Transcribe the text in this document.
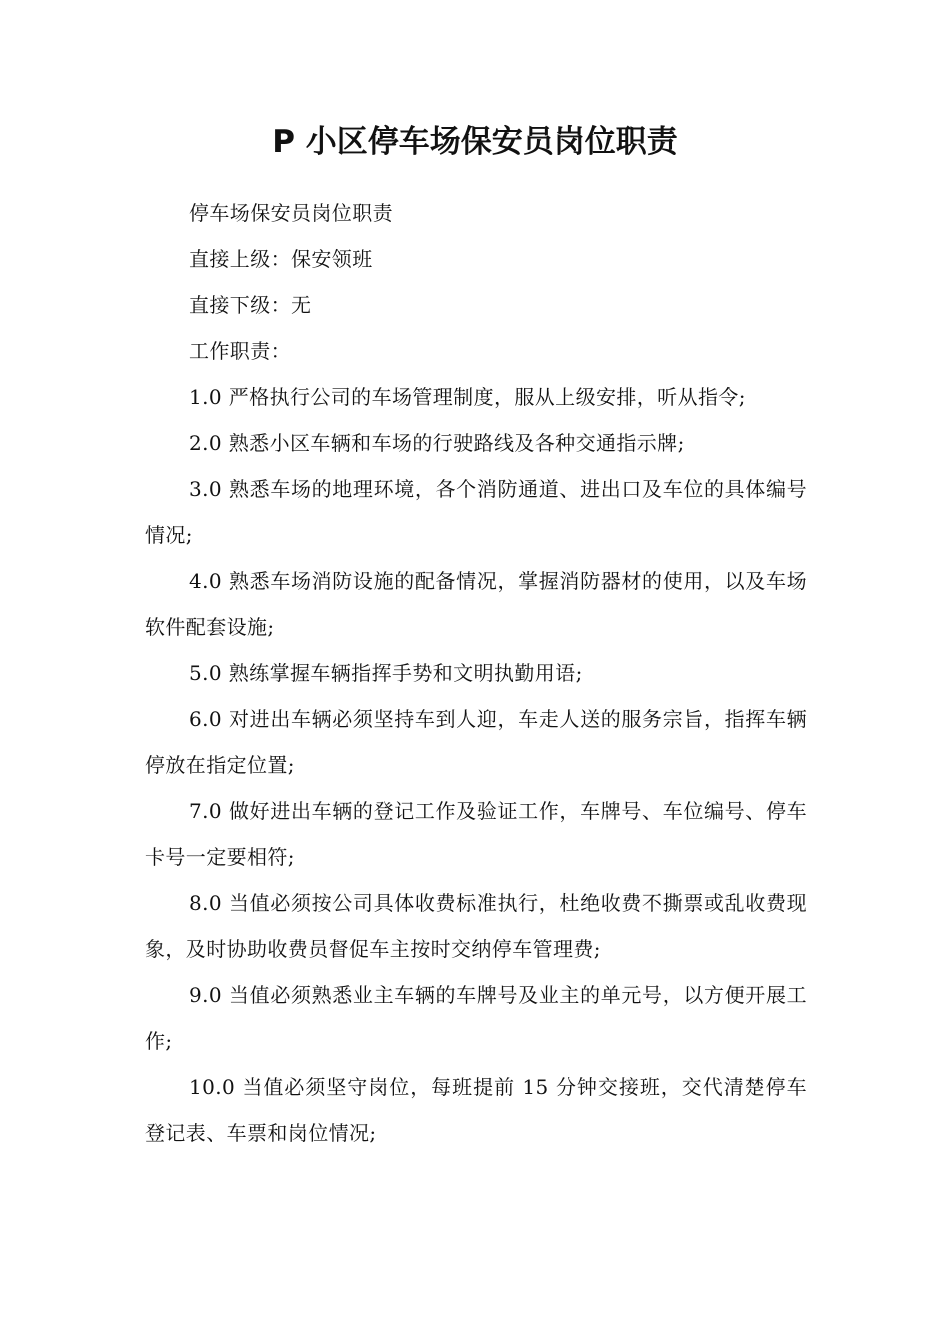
P 小区停车场保安员岗位职责

停车场保安员岗位职责

直接上级：保安领班

直接下级：无

工作职责：

1.0 严格执行公司的车场管理制度，服从上级安排，听从指令;

2.0 熟悉小区车辆和车场的行驶路线及各种交通指示牌;

3.0 熟悉车场的地理环境，各个消防通道、进出口及车位的具体编号情况;

4.0 熟悉车场消防设施的配备情况，掌握消防器材的使用，以及车场软件配套设施;

5.0 熟练掌握车辆指挥手势和文明执勤用语;

6.0 对进出车辆必须坚持车到人迎，车走人送的服务宗旨，指挥车辆停放在指定位置;

7.0 做好进出车辆的登记工作及验证工作，车牌号、车位编号、停车卡号一定要相符;

8.0 当值必须按公司具体收费标准执行，杜绝收费不撕票或乱收费现象，及时协助收费员督促车主按时交纳停车管理费;

9.0 当值必须熟悉业主车辆的车牌号及业主的单元号，以方便开展工作;

10.0 当值必须坚守岗位，每班提前 15 分钟交接班，交代清楚停车登记表、车票和岗位情况;
